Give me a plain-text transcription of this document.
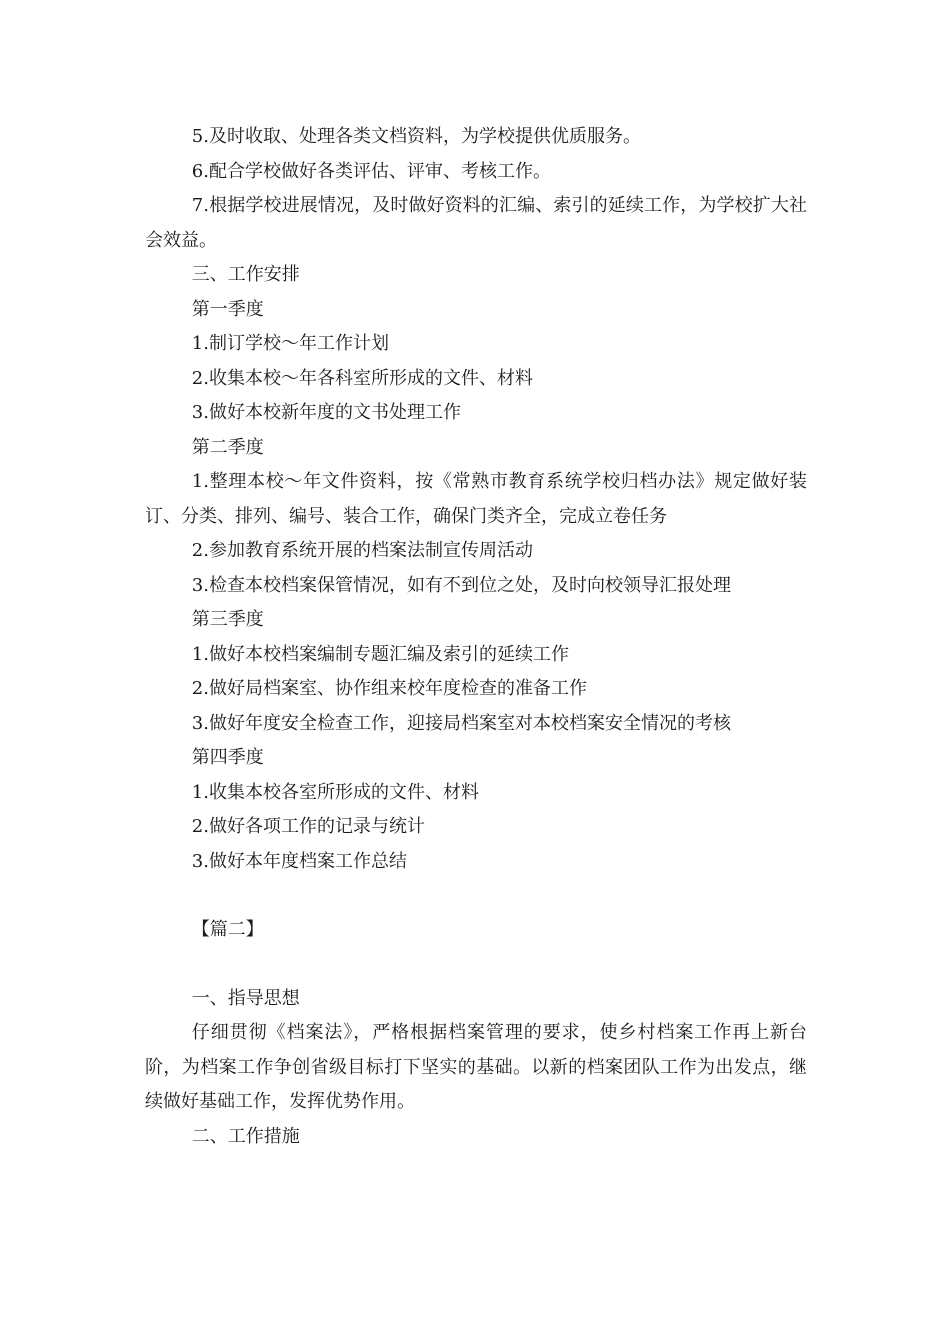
5.及时收取、处理各类文档资料，为学校提供优质服务。

6.配合学校做好各类评估、评审、考核工作。

7.根据学校进展情况，及时做好资料的汇编、索引的延续工作，为学校扩大社会效益。

三、工作安排

第一季度

1.制订学校～年工作计划

2.收集本校～年各科室所形成的文件、材料

3.做好本校新年度的文书处理工作

第二季度

1.整理本校～年文件资料，按《常熟市教育系统学校归档办法》规定做好装订、分类、排列、编号、装合工作，确保门类齐全，完成立卷任务

2.参加教育系统开展的档案法制宣传周活动

3.检查本校档案保管情况，如有不到位之处，及时向校领导汇报处理

第三季度

1.做好本校档案编制专题汇编及索引的延续工作

2.做好局档案室、协作组来校年度检查的准备工作

3.做好年度安全检查工作，迎接局档案室对本校档案安全情况的考核

第四季度

1.收集本校各室所形成的文件、材料

2.做好各项工作的记录与统计

3.做好本年度档案工作总结

【篇二】

一、指导思想

仔细贯彻《档案法》，严格根据档案管理的要求，使乡村档案工作再上新台阶，为档案工作争创省级目标打下坚实的基础。以新的档案团队工作为出发点，继续做好基础工作，发挥优势作用。

二、工作措施
